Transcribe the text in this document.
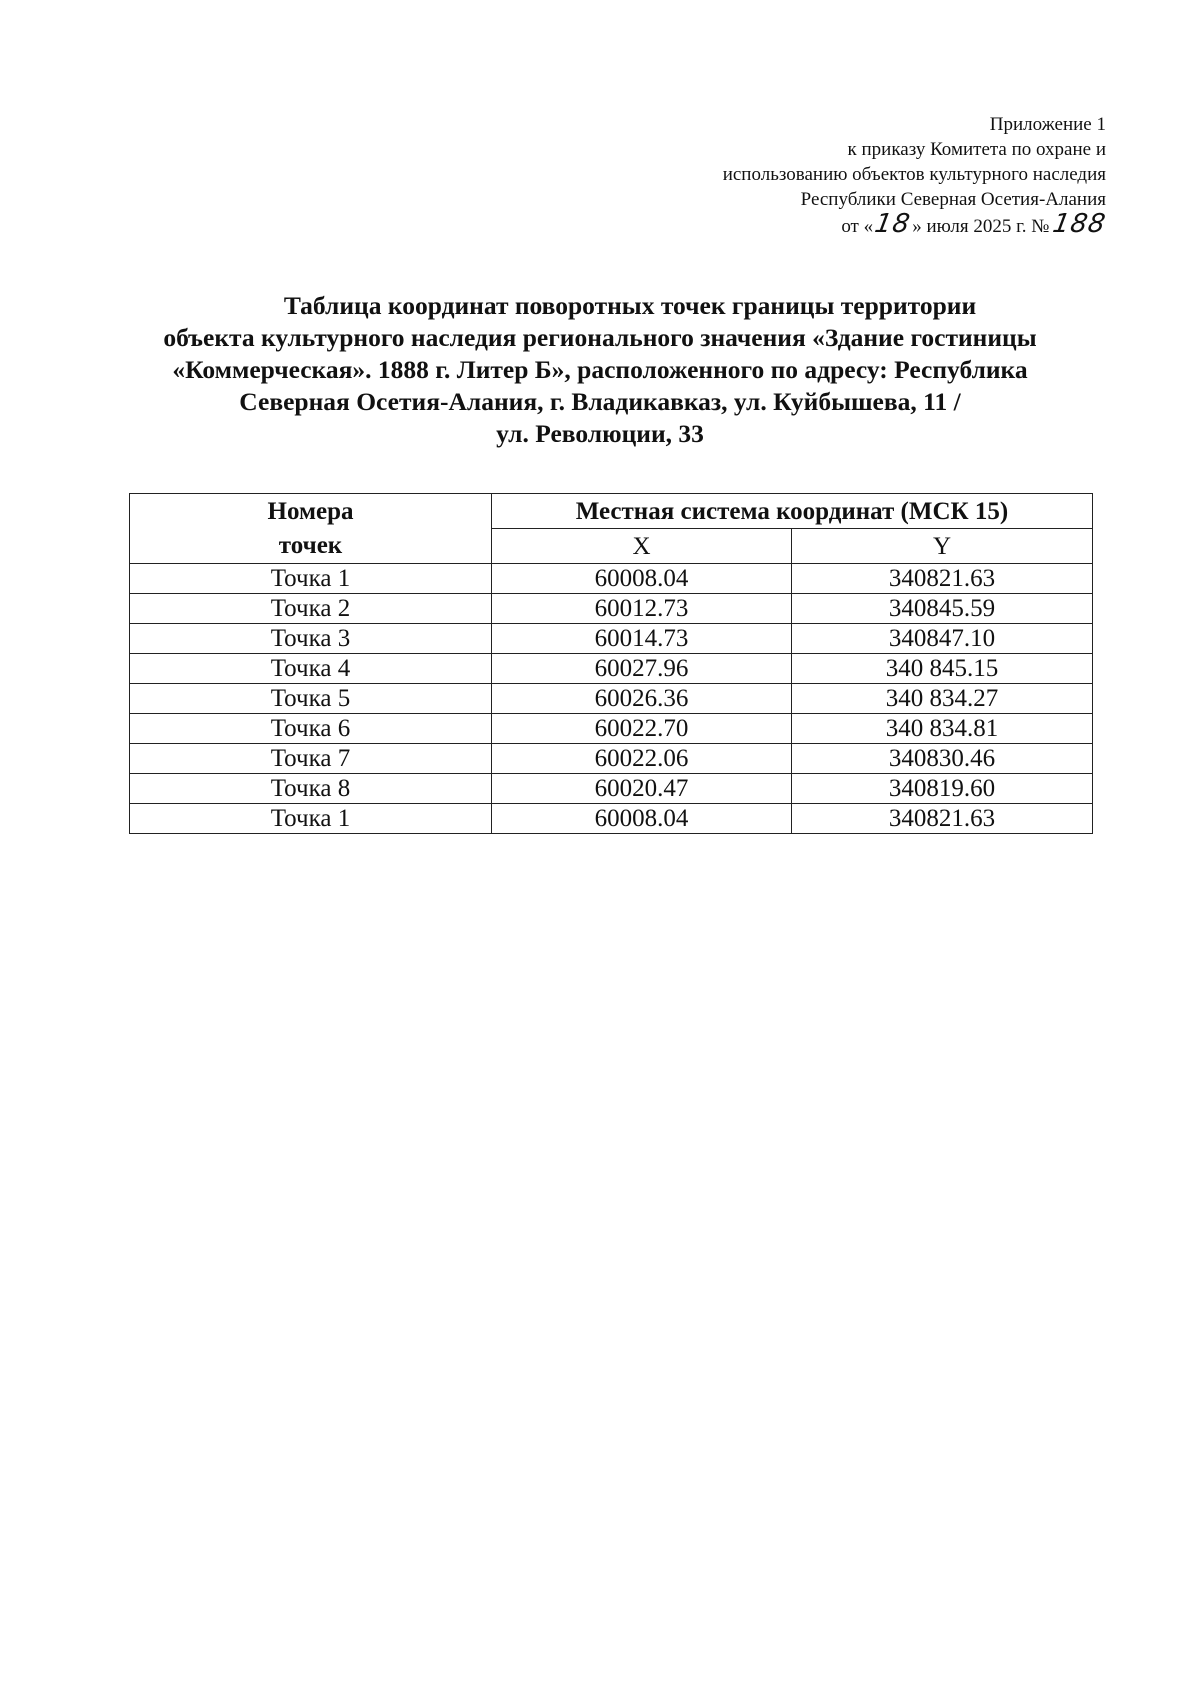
Приложение 1
к приказу Комитета по охране и
использованию объектов культурного наследия
Республики Северная Осетия-Алания
от «18» июля 2025 г. №188
Таблица координат поворотных точек границы территории
объекта культурного наследия регионального значения «Здание гостиницы
«Коммерческая». 1888 г. Литер Б», расположенного по адресу: Республика
Северная Осетия-Алания, г. Владикавказ, ул. Куйбышева, 11 /
ул. Революции, 33
Номера
точек	Местная система координат (МСК 15)	
	X	Y
Точка 1	60008.04	340821.63
Точка 2	60012.73	340845.59
Точка 3	60014.73	340847.10
Точка 4	60027.96	340 845.15
Точка 5	60026.36	340 834.27
Точка 6	60022.70	340 834.81
Точка 7	60022.06	340830.46
Точка 8	60020.47	340819.60
Точка 1	60008.04	340821.63
